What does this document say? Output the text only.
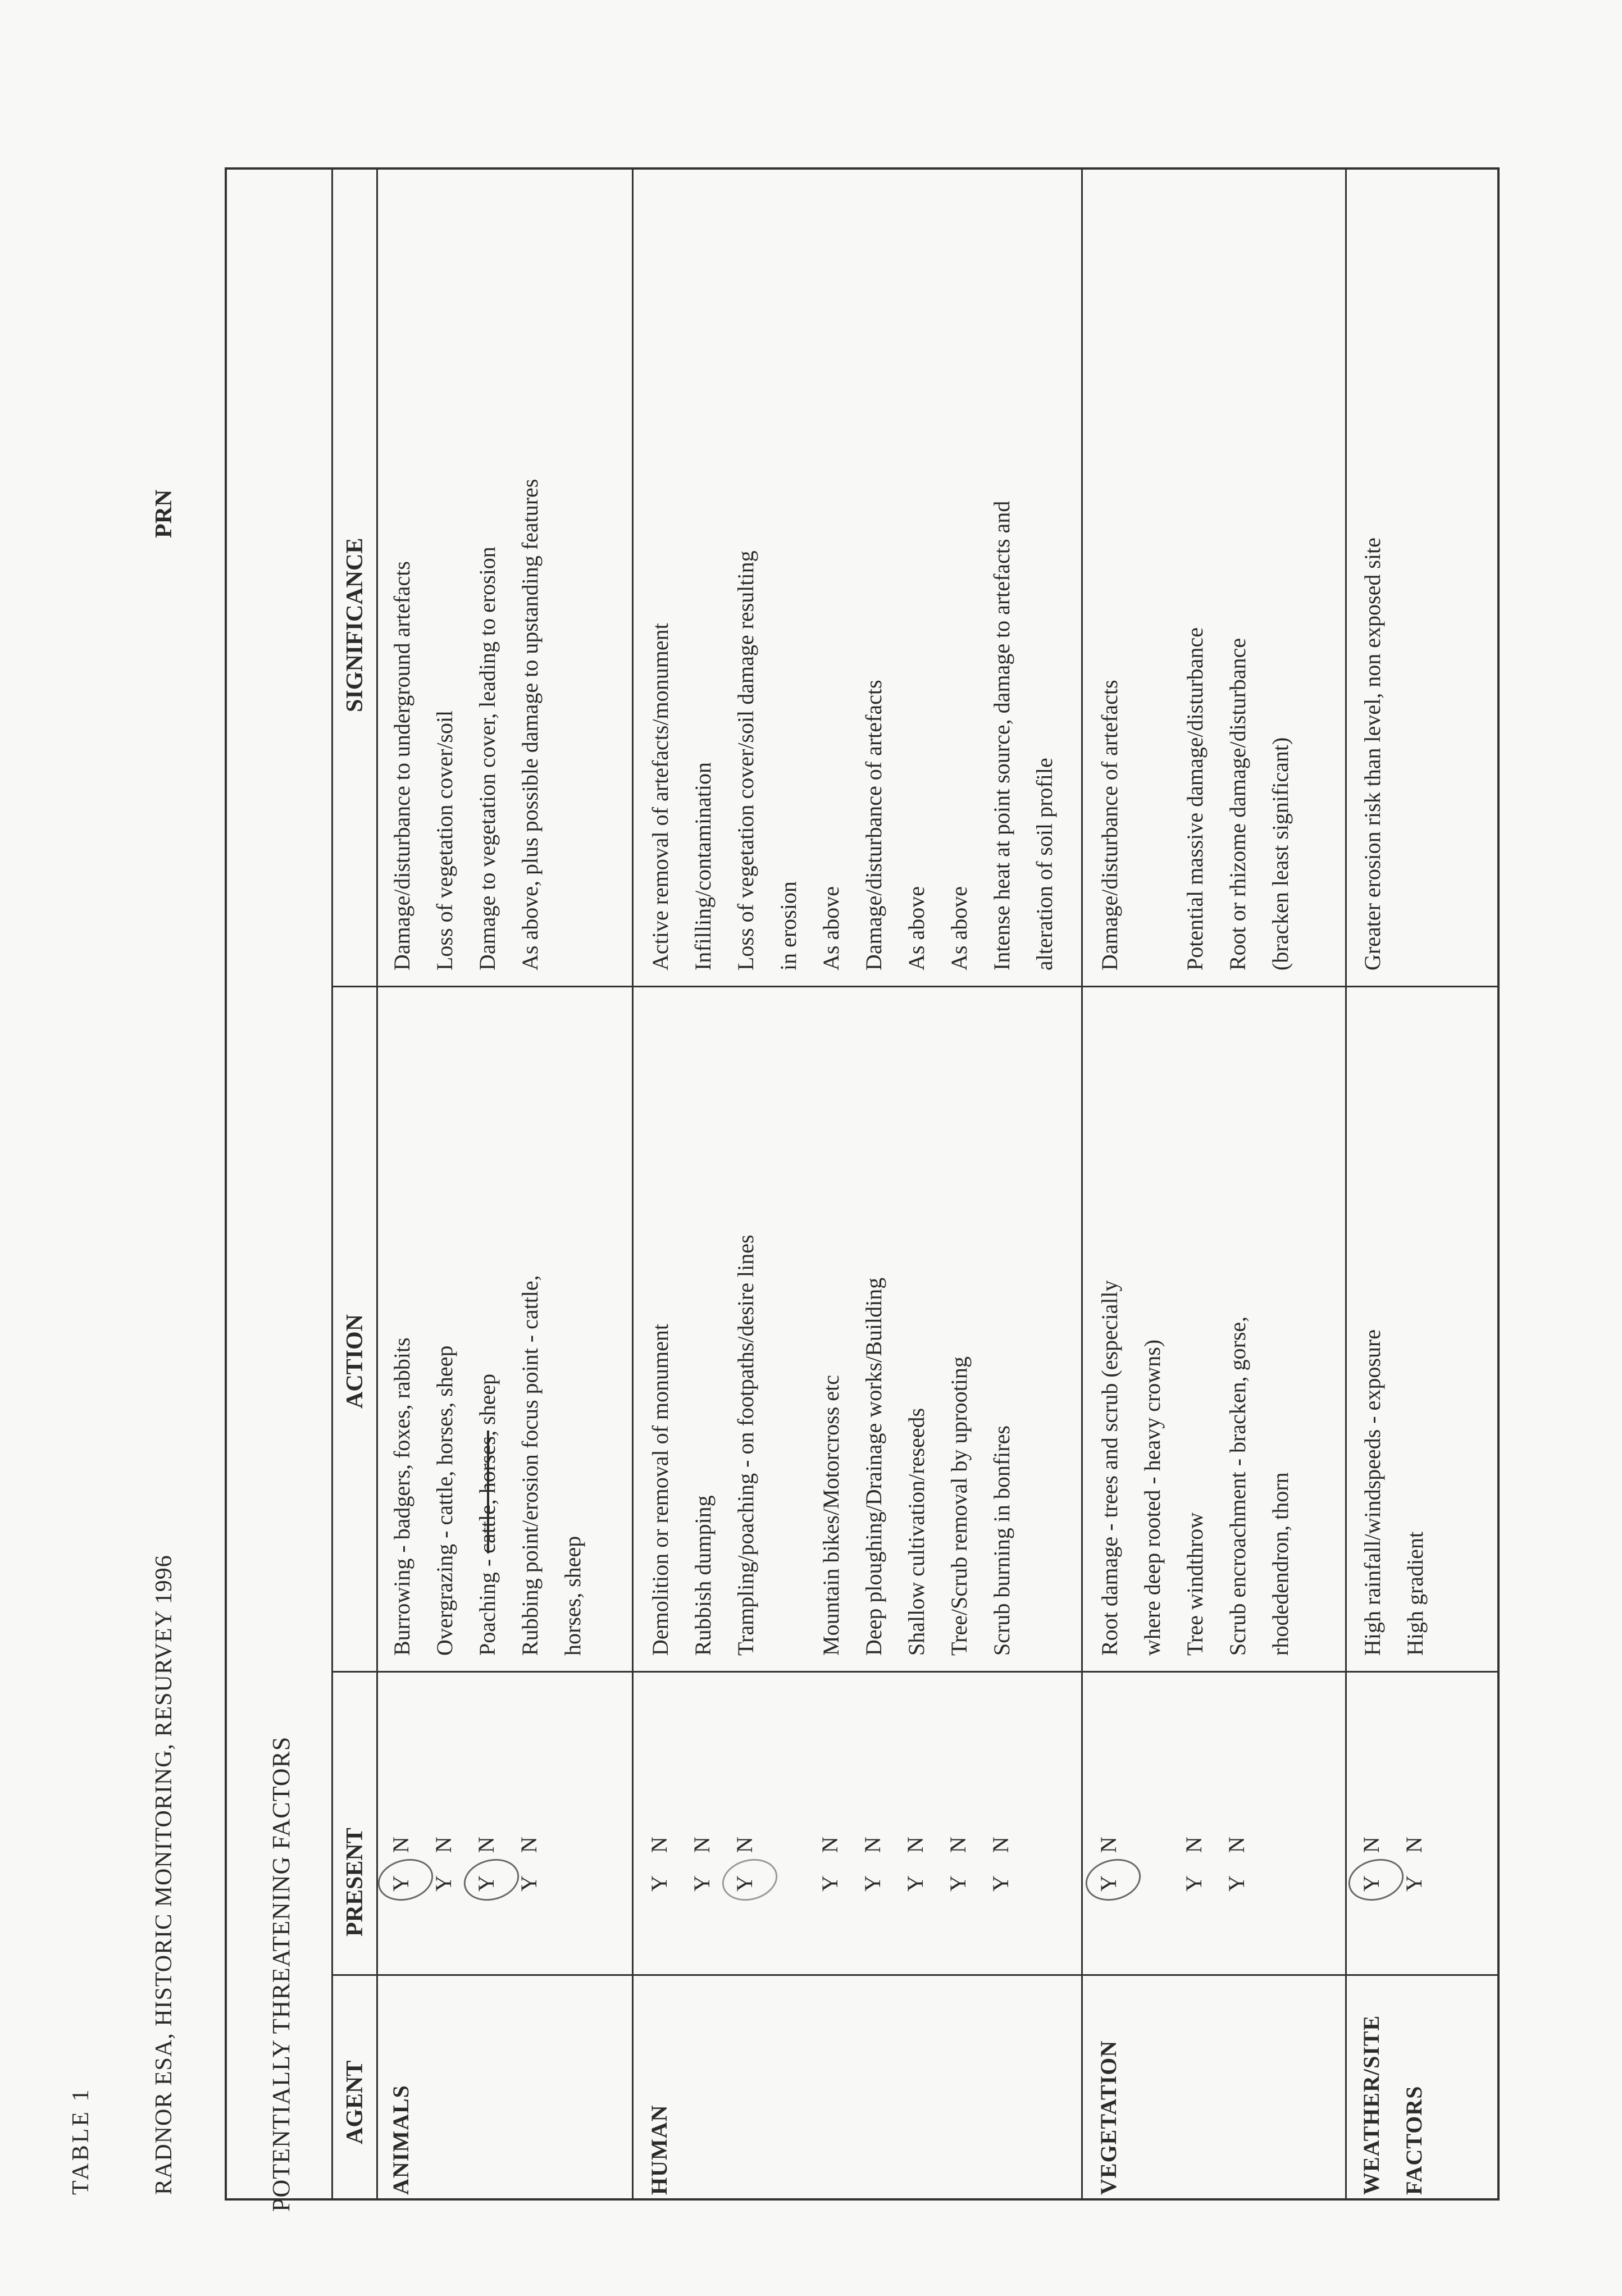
TABLE 1 RADNOR ESA, HISTORIC MONITORING, RESURVEY 1996
PRN
POTENTIALLY THREATENING FACTORS AGENT
PRESENT
ACTION
SIGNIFICANCE
ANIMALS
YN
YN
YN
YN
Burrowing - badgers, foxes, rabbits Overgrazing - cattle, horses, sheep Poaching - cattle, horses, sheep Rubbing point/erosion focus point - cattle, horses, sheep
Damage/disturbance to underground artefacts Loss of vegetation cover/soil Damage to vegetation cover, leading to erosion As above, plus possible damage to upstanding features
HUMAN
YN
YN
YN
YN
YN
YN
YN
YN
Demolition or removal of monument Rubbish dumping Trampling/poaching - on footpaths/desire lines	Mountain bikes/Motorcross etc Deep ploughing/Drainage works/Building Shallow cultivation/reseeds Tree/Scrub removal by uprooting Scrub burning in bonfires
Active removal of artefacts/monument Infilling/contamination Loss of vegetation cover/soil damage resulting in erosion As above Damage/disturbance of artefacts As above As above Intense heat at point source, damage to artefacts and alteration of soil profile
VEGETATION
YN
YN
YN
Root damage - trees and scrub (especially where deep rooted - heavy crowns) Tree windthrow Scrub encroachment - bracken, gorse, rhodedendron, thorn
Damage/disturbance of artefacts	Potential massive damage/disturbance Root or rhizome damage/disturbance (bracken least significant)
WEATHER/SITE FACTORS
YN
YN
High rainfall/windspeeds - exposure High gradient
Greater erosion risk than level, non exposed site
